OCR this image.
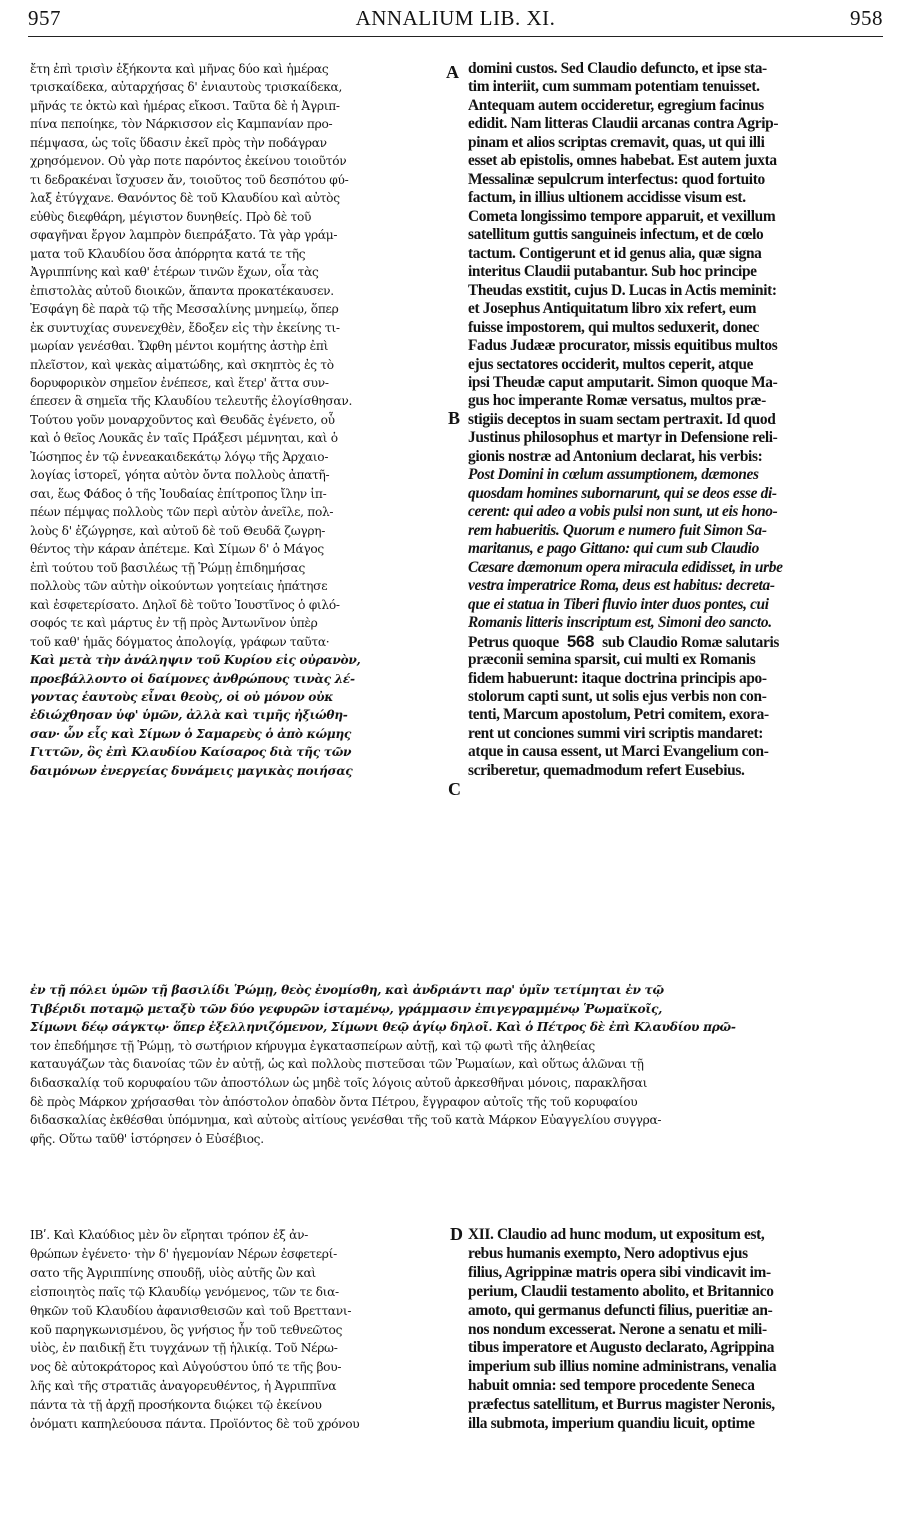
957	ANNALIUM LIB. XI.	958
A
B
C
D
ἔτη ἐπὶ τρισὶν ἑξήκοντα καὶ μῆνας δύο καὶ ἡμέρας
τρισκαίδεκα, αὐταρχήσας δ' ἐνιαυτοὺς τρισκαίδεκα,
μῆνάς τε ὀκτὼ καὶ ἡμέρας εἴκοσι. Ταῦτα δὲ ἡ Ἀγριπ-
πίνα πεποίηκε, τὸν Νάρκισσον εἰς Καμπανίαν προ-
πέμψασα, ὡς τοῖς ὕδασιν ἐκεῖ πρὸς τὴν ποδάγραν
χρησόμενον. Οὐ γὰρ ποτε παρόντος ἐκείνου τοιοῦτόν
τι δεδρακέναι ἴσχυσεν ἄν, τοιοῦτος τοῦ δεσπότου φύ-
λαξ ἐτύγχανε. Θανόντος δὲ τοῦ Κλαυδίου καὶ αὐτὸς
εὐθὺς διεφθάρη, μέγιστον δυνηθείς. Πρὸ δὲ τοῦ
σφαγῆναι ἔργον λαμπρὸν διεπράξατο. Τὰ γὰρ γράμ-
ματα τοῦ Κλαυδίου ὅσα ἀπόρρητα κατά τε τῆς
Ἀγριππίνης καὶ καθ' ἑτέρων τινῶν ἔχων, οἷα τὰς
ἐπιστολὰς αὐτοῦ διοικῶν, ἅπαντα προκατέκαυσεν.
Ἐσφάγη δὲ παρὰ τῷ τῆς Μεσσαλίνης μνημείῳ, ὅπερ
ἐκ συντυχίας συνενεχθὲν, ἔδοξεν εἰς τὴν ἐκείνης τι-
μωρίαν γενέσθαι. Ὤφθη μέντοι κομήτης ἀστὴρ ἐπὶ
πλεῖστον, καὶ ψεκὰς αἱματώδης, καὶ σκηπτὸς ἐς τὸ
δορυφορικὸν σημεῖον ἐνέπεσε, καὶ ἕτερ' ἄττα συν-
έπεσεν ἃ σημεῖα τῆς Κλαυδίου τελευτῆς ἐλογίσθησαν.
Τούτου γοῦν μοναρχοῦντος καὶ Θευδᾶς ἐγένετο, οὗ
καὶ ὁ θεῖος Λουκᾶς ἐν ταῖς Πράξεσι μέμνηται, καὶ ὁ
Ἰώσηπος ἐν τῷ ἐννεακαιδεκάτῳ λόγῳ τῆς Ἀρχαιο-
λογίας ἱστορεῖ, γόητα αὐτὸν ὄντα πολλοὺς ἀπατῆ-
σαι, ἕως Φάδος ὁ τῆς Ἰουδαίας ἐπίτροπος ἴλην ἱπ-
πέων πέμψας πολλοὺς τῶν περὶ αὐτὸν ἀνεῖλε, πολ-
λοὺς δ' ἐζώγρησε, καὶ αὐτοῦ δὲ τοῦ Θευδᾶ ζωγρη-
θέντος τὴν κάραν ἀπέτεμε. Καὶ Σίμων δ' ὁ Μάγος
ἐπὶ τούτου τοῦ βασιλέως τῇ Ῥώμῃ ἐπιδημήσας
πολλοὺς τῶν αὐτὴν οἰκούντων γοητείαις ἠπάτησε
καὶ ἐσφετερίσατο. Δηλοῖ δὲ τοῦτο Ἰουστῖνος ὁ φιλό-
σοφός τε καὶ μάρτυς ἐν τῇ πρὸς Ἀντωνῖνον ὑπὲρ
τοῦ καθ' ἡμᾶς δόγματος ἀπολογίᾳ, γράφων ταῦτα·
Καὶ μετὰ τὴν ἀνάληψιν τοῦ Κυρίου εἰς οὐρανὸν,
προεβάλλοντο οἱ δαίμονες ἀνθρώπους τινὰς λέ-
γοντας ἑαυτοὺς εἶναι θεοὺς, οἱ οὐ μόνον οὐκ
ἐδιώχθησαν ὑφ' ὑμῶν, ἀλλὰ καὶ τιμῆς ἠξιώθη-
σαν· ὧν εἷς καὶ Σίμων ὁ Σαμαρεὺς ὁ ἀπὸ κώμης
Γιττῶν, ὃς ἐπὶ Κλαυδίου Καίσαρος διὰ τῆς τῶν
δαιμόνων ἐνεργείας δυνάμεις μαγικὰς ποιήσας
domini custos. Sed Claudio defuncto, et ipse sta-
tim interiit, cum summam potentiam tenuisset.
Antequam autem occideretur, egregium facinus
edidit. Nam litteras Claudii arcanas contra Agrip-
pinam et alios scriptas cremavit, quas, ut qui illi
esset ab epistolis, omnes habebat. Est autem juxta
Messalinæ sepulcrum interfectus: quod fortuito
factum, in illius ultionem accidisse visum est.
Cometa longissimo tempore apparuit, et vexillum
satellitum guttis sanguineis infectum, et de cœlo
tactum. Contigerunt et id genus alia, quæ signa
interitus Claudii putabantur. Sub hoc principe
Theudas exstitit, cujus D. Lucas in Actis meminit:
et Josephus Antiquitatum libro xix refert, eum
fuisse impostorem, qui multos seduxerit, donec
Fadus Judææ procurator, missis equitibus multos
ejus sectatores occiderit, multos ceperit, atque
ipsi Theudæ caput amputarit. Simon quoque Ma-
gus hoc imperante Romæ versatus, multos præ-
stigiis deceptos in suam sectam pertraxit. Id quod
Justinus philosophus et martyr in Defensione reli-
gionis nostræ ad Antonium declarat, his verbis:
Post Domini in cœlum assumptionem, dæmones
quosdam homines subornarunt, qui se deos esse di-
cerent: qui adeo a vobis pulsi non sunt, ut eis hono-
rem habueritis. Quorum e numero fuit Simon Sa-
maritanus, e pago Gittano: qui cum sub Claudio
Cæsare dæmonum opera miracula edidisset, in urbe
vestra imperatrice Roma, deus est habitus: decreta-
que ei statua in Tiberi fluvio inter duos pontes, cui
Romanis litteris inscriptum est, Simoni deo sancto.
Petrus quoque 568 sub Claudio Romæ salutaris
præconii semina sparsit, cui multi ex Romanis
fidem habuerunt: itaque doctrina principis apo-
stolorum capti sunt, ut solis ejus verbis non con-
tenti, Marcum apostolum, Petri comitem, exora-
rent ut conciones summi viri scriptis mandaret:
atque in causa essent, ut Marci Evangelium con-
scriberetur, quemadmodum refert Eusebius.
ἐν τῇ πόλει ὑμῶν τῇ βασιλίδι Ῥώμῃ, θεὸς ἐνομίσθη, καὶ ἀνδριάντι παρ' ὑμῖν τετίμηται ἐν τῷ
Τιβέριδι ποταμῷ μεταξὺ τῶν δύο γεφυρῶν ἱσταμένῳ, γράμμασιν ἐπιγεγραμμένῳ Ῥωμαϊκοῖς,
Σίμωνι δέῳ σάγκτῳ· ὅπερ ἐξελληνιζόμενον, Σίμωνι θεῷ ἁγίῳ δηλοῖ. Καὶ ὁ Πέτρος δὲ ἐπὶ Κλαυδίου πρῶ-
τον ἐπεδήμησε τῇ Ῥώμῃ, τὸ σωτήριον κήρυγμα ἐγκατασπείρων αὐτῇ, καὶ τῷ φωτὶ τῆς ἀληθείας
καταυγάζων τὰς διανοίας τῶν ἐν αὐτῇ, ὡς καὶ πολλοὺς πιστεῦσαι τῶν Ῥωμαίων, καὶ οὕτως ἁλῶναι τῇ
διδασκαλίᾳ τοῦ κορυφαίου τῶν ἀποστόλων ὡς μηδὲ τοῖς λόγοις αὐτοῦ ἀρκεσθῆναι μόνοις, παρακλῆσαι
δὲ πρὸς Μάρκον χρήσασθαι τὸν ἀπόστολον ὀπαδὸν ὄντα Πέτρου, ἔγγραφον αὐτοῖς τῆς τοῦ κορυφαίου
διδασκαλίας ἐκθέσθαι ὑπόμνημα, καὶ αὐτοὺς αἰτίους γενέσθαι τῆς τοῦ κατὰ Μάρκον Εὐαγγελίου συγγρα-
φῆς. Οὕτω ταῦθ' ἱστόρησεν ὁ Εὐσέβιος.
ΙΒʹ. Καὶ Κλαύδιος μὲν ὃν εἴρηται τρόπον ἐξ ἀν-
θρώπων ἐγένετο· τὴν δ' ἡγεμονίαν Νέρων ἐσφετερί-
σατο τῆς Ἀγριππίνης σπουδῇ, υἱὸς αὐτῆς ὢν καὶ
εἰσποιητὸς παῖς τῷ Κλαυδίῳ γενόμενος, τῶν τε δια-
θηκῶν τοῦ Κλαυδίου ἀφανισθεισῶν καὶ τοῦ Βρεττανι-
κοῦ παρηγκωνισμένου, ὃς γνήσιος ἦν τοῦ τεθνεῶτος
υἱὸς, ἐν παιδικῇ ἔτι τυγχάνων τῇ ἡλικίᾳ. Τοῦ Νέρω-
νος δὲ αὐτοκράτορος καὶ Αὐγούστου ὑπό τε τῆς βου-
λῆς καὶ τῆς στρατιᾶς ἀναγορευθέντος, ἡ Ἀγριππῖνα
πάντα τὰ τῇ ἀρχῇ προσήκοντα διῴκει τῷ ἐκείνου
ὀνόματι καπηλεύουσα πάντα. Προϊόντος δὲ τοῦ χρόνου
XII. Claudio ad hunc modum, ut expositum est,
rebus humanis exempto, Nero adoptivus ejus
filius, Agrippinæ matris opera sibi vindicavit im-
perium, Claudii testamento abolito, et Britannico
amoto, qui germanus defuncti filius, pueritiæ an-
nos nondum excesserat. Nerone a senatu et mili-
tibus imperatore et Augusto declarato, Agrippina
imperium sub illius nomine administrans, venalia
habuit omnia: sed tempore procedente Seneca
præfectus satellitum, et Burrus magister Neronis,
illa submota, imperium quandiu licuit, optime
